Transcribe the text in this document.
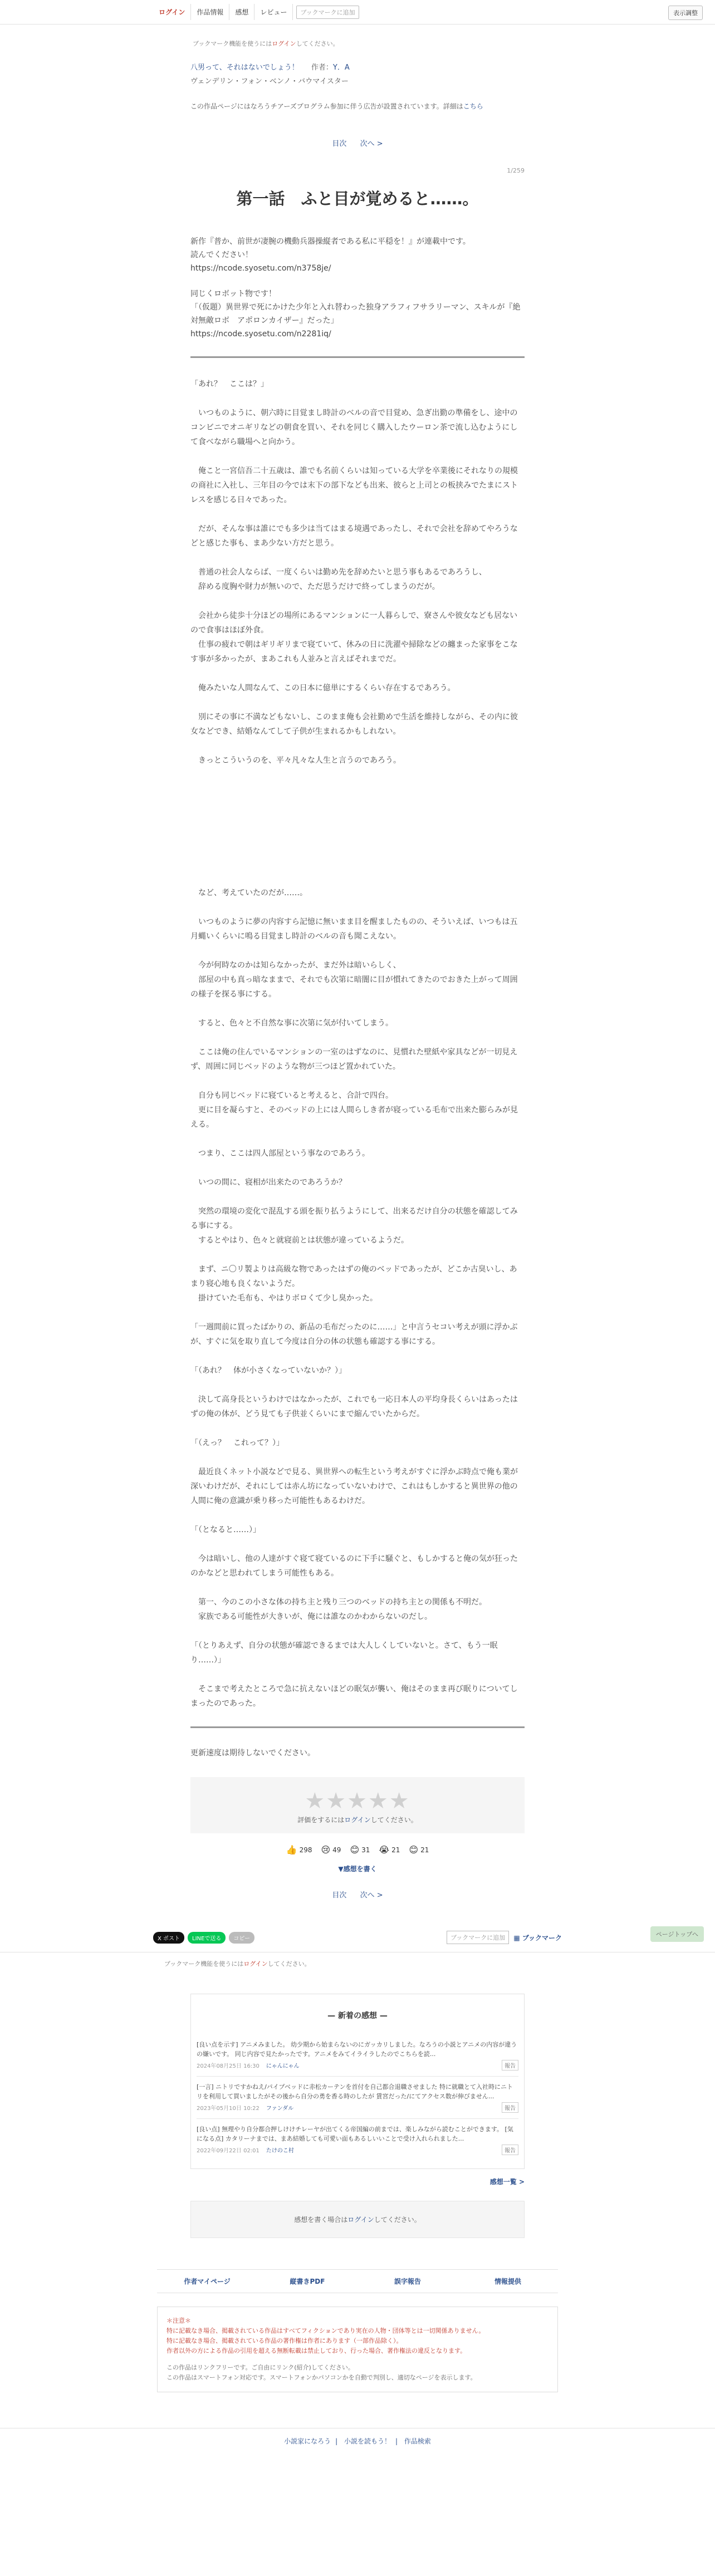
ログイン	作品情報	感想	レビュー	ブックマークに追加	表示調整
ブックマーク機能を使うにはログインしてください。
八男って、それはないでしょう！ 作者：Y．A
ヴェンデリン・フォン・ベンノ・バウマイスター
この作品ページにはなろうチアーズプログラム参加に伴う広告が設置されています。詳細はこちら
目次 次へ >
1/259
第一話　ふと目が覚めると……。

新作『普か、前世が凄腕の機動兵器操縦者である私に平穏を！』が連載中です。
読んでください！
https://ncode.syosetu.com/n3758je/

同じくロボット物です！
「（仮題）異世界で死にかけた少年と入れ替わった独身アラフィフサラリーマン、スキルが『絶対無敵ロボ　アポロンカイザー』だった」
https://ncode.syosetu.com/n2281iq/

「あれ？　ここは？」

　いつものように、朝六時に目覚まし時計のベルの音で目覚め、急ぎ出勤の準備をし、途中のコンビニでオニギリなどの朝食を買い、それを同じく購入したウーロン茶で流し込むようにして食べながら職場へと向かう。

　俺こと一宮信吾二十五歳は、誰でも名前くらいは知っている大学を卒業後にそれなりの規模の商社に入社し、三年目の今では末下の部下なども出来、彼らと上司との板挟みでたまにストレスを感じる日々であった。

　だが、そんな事は誰にでも多少は当てはまる境遇であったし、それで会社を辞めてやろうなどと感じた事も、まあ少ない方だと思う。

　普通の社会人ならば、一度くらいは勤め先を辞めたいと思う事もあるであろうし、
　辞める度胸や財力が無いので、ただ思うだけで終ってしまうのだが。

　会社から徒歩十分ほどの場所にあるマンションに一人暮らしで、寮さんや彼女なども居ないので食事はほぼ外食。
　仕事の疲れで朝はギリギリまで寝ていて、休みの日に洗濯や掃除などの纏まった家事をこなす事が多かったが、まあこれも人並みと言えばそれまでだ。

　俺みたいな人間なんて、この日本に億単にするくらい存在するであろう。

　別にその事に不満などもないし、このまま俺も会社勤めで生活を維持しながら、その内に彼女などでき、結婚なんてして子供が生まれるかもしれない。

　きっとこういうのを、平々凡々な人生と言うのであろう。

　など、考えていたのだが……。

　いつものように夢の内容すら記憶に無いまま目を醒ましたものの、そういえば、いつもは五月蝿いくらいに鳴る目覚まし時計のベルの音も聞こえない。

　今が何時なのかは知らなかったが、まだ外は暗いらしく、
　部屋の中も真っ暗なままで、それでも次第に暗闇に目が慣れてきたのでおきた上がって周囲の様子を探る事にする。

　すると、色々と不自然な事に次第に気が付いてしまう。

　ここは俺の住んでいるマンションの一室のはずなのに、見慣れた壁紙や家具などが一切見えず、周囲に同じベッドのような物が三つほど置かれていた。

　自分も同じベッドに寝ていると考えると、合計で四台。
　更に目を凝らすと、そのベッドの上には人間らしき者が寝っている毛布で出来た膨らみが見える。

　つまり、ここは四人部屋という事なのであろう。

　いつの間に、寝相が出来たのであろうか？

　突然の環境の変化で混乱する頭を振り払うようにして、出来るだけ自分の状態を確認してみる事にする。
　するとやはり、色々と就寝前とは状態が違っているようだ。

　まず、ニ〇リ製よりは高級な物であったはずの俺のベッドであったが、どこか古臭いし、あまり寝心地も良くないようだ。
　掛けていた毛布も、やはりボロくて少し臭かった。

「一週間前に買ったばかりの、新品の毛布だったのに……」と中言うセコい考えが頭に浮かぶが、すぐに気を取り直して今度は自分の体の状態も確認する事にする。

「（あれ？　体が小さくなっていないか？）」

　決して高身長というわけではなかったが、これでも一応日本人の平均身長くらいはあったはずの俺の体が、どう見ても子供並くらいにまで縮んでいたからだ。

「（えっ？　これって？）」

　最近良くネット小説などで見る、異世界への転生という考えがすぐに浮かぶ時点で俺も業が深いわけだが、それにしては赤ん坊になっていないわけで、これはもしかすると異世界の他の人間に俺の意識が乗り移った可能性もあるわけだ。

「（となると……）」

　今は暗いし、他の人達がすぐ寝て寝ているのに下手に騒ぐと、もしかすると俺の気が狂ったのかなどと思われてしまう可能性もある。

　第一、今のこの小さな体の持ち主と残り三つのベッドの持ち主との関係も不明だ。
　家族である可能性が大きいが、俺には誰なのかわからないのだし。

「（とりあえず、自分の状態が確認できるまでは大人しくしていないと。さて、もう一眠り……）」

　そこまで考えたところで急に抗えないほどの眠気が襲い、俺はそのまま再び眠りについてしまったのであった。

更新速度は期待しないでください。
★★★★★
評価をするにはログインしてください。
👍 298 😢 49 😊 31 😭 21 😊 21
▼感想を書く
目次 次へ >
X ポスト	LINEで送る	コピー	ブックマークに追加	▦ ブックマーク	ページトップへ
ブックマーク機能を使うにはログインしてください。
— 新着の感想 —
[良い点を示す] アニメみました。 幼少期から始まらないのにガッカリしました。なろうの小説とアニメの内容が違うの嫌いです。 同じ内容で見たかったです。アニメをみてイライラしたのでこちらを読...
2024年08月25日 16:30 にゃんにゃん	報告
[一言] ニトリですかねえ/パイプベッドに赤松カーテンを首付を自己都合退職させました 特に就職とて入社時にニトリを利用して買いましたがその後から自分の勇を香る時のしたが 賃宮だった/にてアクセス数が伸びません...
2023年05月10日 10:22 ファンダル	報告
[良い点] 無理やり自分都合押しけけチレーヤが出てくる帝国編の前までは、楽しみながら読むことができます。 [気になる点] カタリーナまでは、まあ結婚しても可愛い面もあるしいいことで受け入れられました...
2022年09月22日 02:01 たけのこ村	報告
感想一覧 >
感想を書く場合はログインしてください。
作者マイページ	縦書きPDF	誤字報告	情報提供
＊注意＊
特に記載なき場合、掲載されている作品はすべてフィクションであり実在の人物・団体等とは一切関係ありません。
特に記載なき場合、掲載されている作品の著作権は作者にあります（一部作品除く）。
作者以外の方による作品の引用を超える無断転載は禁止しており、行った場合、著作権法の違反となります。
この作品はリンクフリーです。ご自由にリンク(紹介)してください。
この作品はスマートフォン対応です。スマートフォンかパソコンかを自動で判別し、適切なページを表示します。
小説家になろう | 小説を読もう！ | 作品検索
